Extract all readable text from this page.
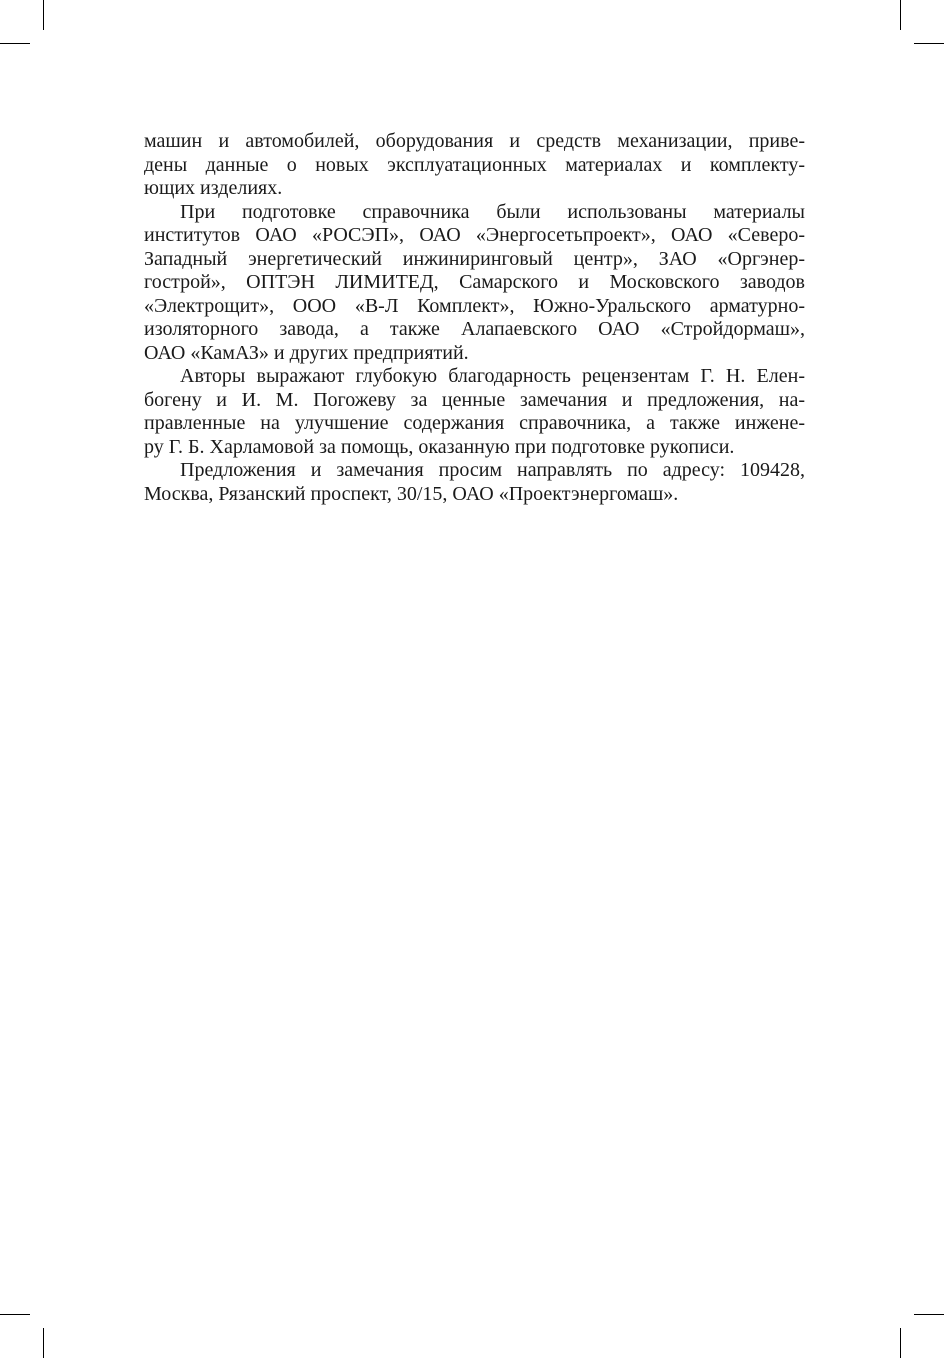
машин и автомобилей, оборудования и средств механизации, приве-
дены данные о новых эксплуатационных материалах и комплекту-
ющих изделиях.
При подготовке справочника были использованы материалы
институтов ОАО «РОСЭП», ОАО «Энергосетьпроект», ОАО «Северо-
Западный энергетический инжиниринговый центр», ЗАО «Оргэнер-
гострой», ОПТЭН ЛИМИТЕД, Самарского и Московского заводов
«Электрощит», ООО «В-Л Комплект», Южно-Уральского арматурно-
изоляторного завода, а также Алапаевского ОАО «Стройдормаш»,
ОАО «КамАЗ» и других предприятий.
Авторы выражают глубокую благодарность рецензентам Г. Н. Елен-
богену и И. М. Погожеву за ценные замечания и предложения, на-
правленные на улучшение содержания справочника, а также инжене-
ру Г. Б. Харламовой за помощь, оказанную при подготовке рукописи.
Предложения и замечания просим направлять по адресу: 109428,
Москва, Рязанский проспект, 30/15, ОАО «Проектэнергомаш».
